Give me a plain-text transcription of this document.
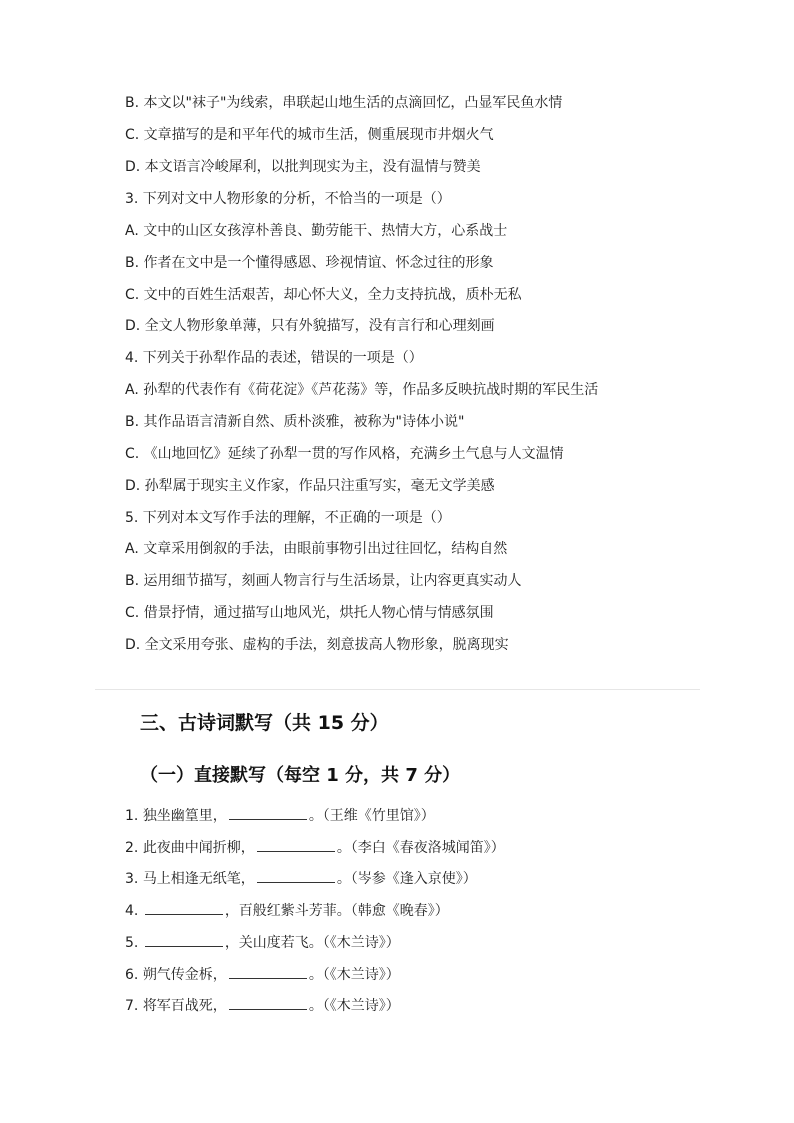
B. 本文以"袜子"为线索，串联起山地生活的点滴回忆，凸显军民鱼水情
C. 文章描写的是和平年代的城市生活，侧重展现市井烟火气
D. 本文语言冷峻犀利，以批判现实为主，没有温情与赞美
3. 下列对文中人物形象的分析，不恰当的一项是（）
A. 文中的山区女孩淳朴善良、勤劳能干、热情大方，心系战士
B. 作者在文中是一个懂得感恩、珍视情谊、怀念过往的形象
C. 文中的百姓生活艰苦，却心怀大义，全力支持抗战，质朴无私
D. 全文人物形象单薄，只有外貌描写，没有言行和心理刻画
4. 下列关于孙犁作品的表述，错误的一项是（）
A. 孙犁的代表作有《荷花淀》《芦花荡》等，作品多反映抗战时期的军民生活
B. 其作品语言清新自然、质朴淡雅，被称为"诗体小说"
C. 《山地回忆》延续了孙犁一贯的写作风格，充满乡土气息与人文温情
D. 孙犁属于现实主义作家，作品只注重写实，毫无文学美感
5. 下列对本文写作手法的理解，不正确的一项是（）
A. 文章采用倒叙的手法，由眼前事物引出过往回忆，结构自然
B. 运用细节描写，刻画人物言行与生活场景，让内容更真实动人
C. 借景抒情，通过描写山地风光，烘托人物心情与情感氛围
D. 全文采用夸张、虚构的手法，刻意拔高人物形象，脱离现实
三、古诗词默写（共 15 分）
（一）直接默写（每空 1 分，共 7 分）
1. 独坐幽篁里，	。（王维《竹里馆》）
2. 此夜曲中闻折柳，	。（李白《春夜洛城闻笛》）
3. 马上相逢无纸笔，	。（岑参《逢入京使》）
4.	，百般红紫斗芳菲。（韩愈《晚春》）
5.	，关山度若飞。（《木兰诗》）
6. 朔气传金柝，	。（《木兰诗》）
7. 将军百战死，	。（《木兰诗》）
